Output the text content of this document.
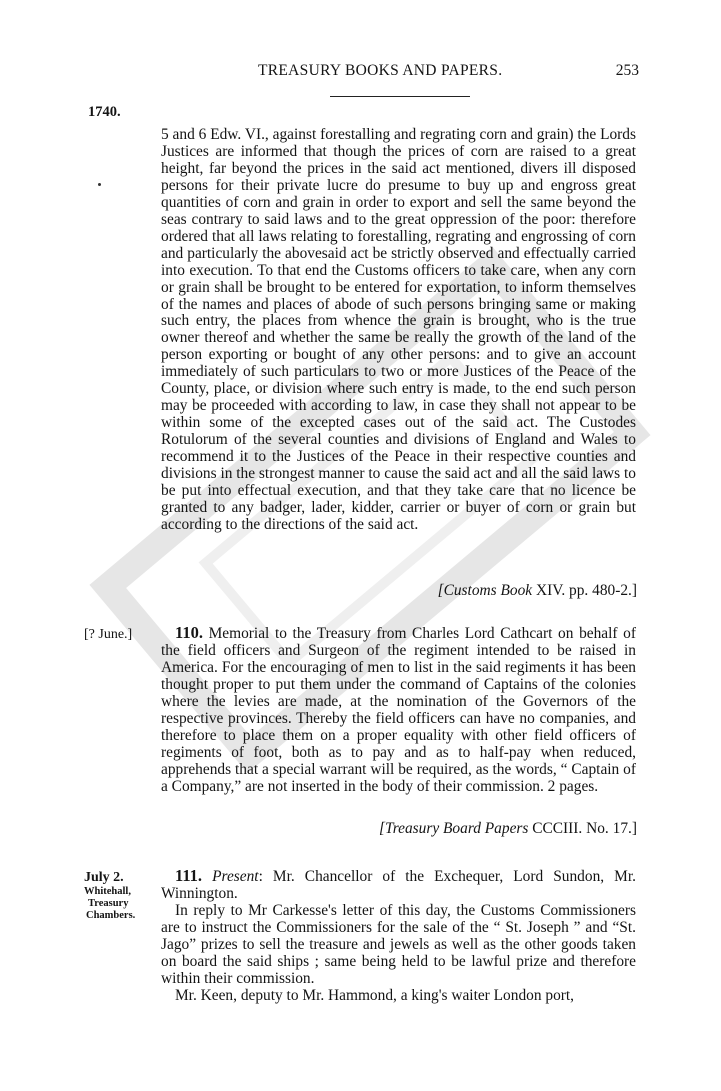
TREASURY BOOKS AND PAPERS.	253
1740.

5 and 6 Edw. VI., against forestalling and regrating corn and grain) the Lords Justices are informed that though the prices of corn are raised to a great height, far beyond the prices in the said act mentioned, divers ill disposed persons for their private lucre do presume to buy up and engross great quantities of corn and grain in order to export and sell the same beyond the seas contrary to said laws and to the great oppression of the poor: therefore ordered that all laws relating to forestalling, regrating and engrossing of corn and particularly the abovesaid act be strictly observed and effectually carried into execution. To that end the Customs officers to take care, when any corn or grain shall be brought to be entered for exportation, to inform themselves of the names and places of abode of such persons bringing same or making such entry, the places from whence the grain is brought, who is the true owner thereof and whether the same be really the growth of the land of the person exporting or bought of any other persons: and to give an account immediately of such particulars to two or more Justices of the Peace of the County, place, or division where such entry is made, to the end such person may be proceeded with according to law, in case they shall not appear to be within some of the excepted cases out of the said act. The Custodes Rotulorum of the several counties and divisions of England and Wales to recommend it to the Justices of the Peace in their respective counties and divisions in the strongest manner to cause the said act and all the said laws to be put into effectual execution, and that they take care that no licence be granted to any badger, lader, kidder, carrier or buyer of corn or grain but according to the directions of the said act.

[Customs Book XIV. pp. 480-2.]
[? June.]	110. Memorial to the Treasury from Charles Lord Cathcart on behalf of the field officers and Surgeon of the regiment intended to be raised in America. For the encouraging of men to list in the said regiments it has been thought proper to put them under the command of Captains of the colonies where the levies are made, at the nomination of the Governors of the respective provinces. Thereby the field officers can have no companies, and therefore to place them on a proper equality with other field officers of regiments of foot, both as to pay and as to half-pay when reduced, apprehends that a special warrant will be required, as the words, “ Captain of a Company,” are not inserted in the body of their commission. 2 pages.

[Treasury Board Papers CCCIII. No. 17.]
July 2.
Whitehall,
Treasury
Chambers.

111. Present: Mr. Chancellor of the Exchequer, Lord Sundon, Mr. Winnington.

In reply to Mr Carkesse's letter of this day, the Customs Commissioners are to instruct the Commissioners for the sale of the “ St. Joseph ” and “St. Jago” prizes to sell the treasure and jewels as well as the other goods taken on board the said ships ; same being held to be lawful prize and therefore within their commission.

Mr. Keen, deputy to Mr. Hammond, a king's waiter London port,
